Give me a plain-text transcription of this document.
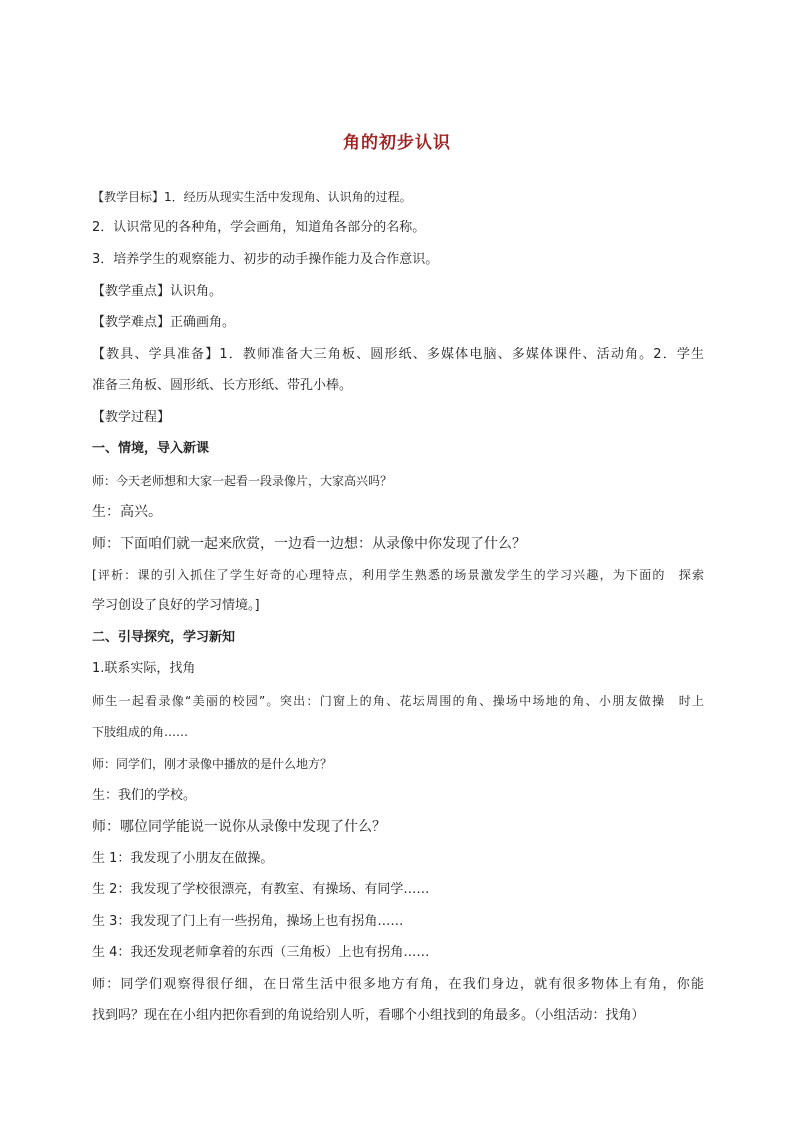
角的初步认识
【教学目标】1．经历从现实生活中发现角、认识角的过程。
2．认识常见的各种角，学会画角，知道角各部分的名称。
3．培养学生的观察能力、初步的动手操作能力及合作意识。
【教学重点】认识角。
【教学难点】正确画角。
【教具、学具准备】1．教师准备大三角板、圆形纸、多媒体电脑、多媒体课件、活动角。2．学生
准备三角板、圆形纸、长方形纸、带孔小棒。
【教学过程】
一、情境，导入新课
师：今天老师想和大家一起看一段录像片，大家高兴吗？
生：高兴。
师：下面咱们就一起来欣赏，一边看一边想：从录像中你发现了什么？
[评析：课的引入抓住了学生好奇的心理特点，利用学生熟悉的场景激发学生的学习兴趣，为下面的　探索
学习创设了良好的学习情境。]
二、引导探究，学习新知
1.联系实际，找角
师生一起看录像“美丽的校园”。突出：门窗上的角、花坛周围的角、操场中场地的角、小朋友做操　时上
下肢组成的角……
师：同学们，刚才录像中播放的是什么地方？
生：我们的学校。
师：哪位同学能说一说你从录像中发现了什么？
生 1：我发现了小朋友在做操。
生 2：我发现了学校很漂亮，有教室、有操场、有同学……
生 3：我发现了门上有一些拐角，操场上也有拐角……
生 4：我还发现老师拿着的东西（三角板）上也有拐角……
师：同学们观察得很仔细，在日常生活中很多地方有角，在我们身边，就有很多物体上有角，你能
找到吗？现在在小组内把你看到的角说给别人听，看哪个小组找到的角最多。（小组活动：找角）
